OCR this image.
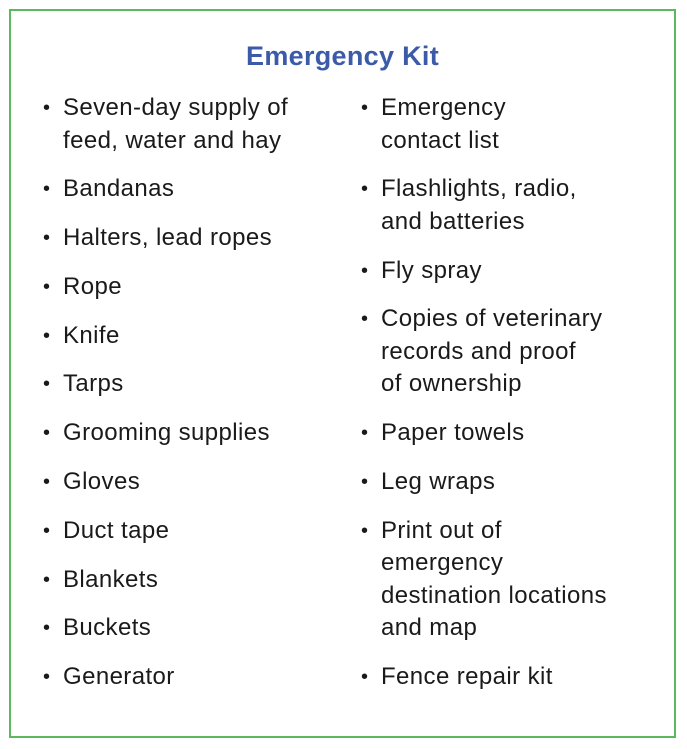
Emergency Kit
• Seven-day supply of
feed, water and hay
• Bandanas
• Halters, lead ropes
• Rope
• Knife
• Tarps
• Grooming supplies
• Gloves
• Duct tape
• Blankets
• Buckets
• Generator
• Emergency
contact list
• Flashlights, radio,
and batteries
• Fly spray
• Copies of veterinary
records and proof
of ownership
• Paper towels
• Leg wraps
• Print out of
emergency
destination locations
and map
• Fence repair kit
